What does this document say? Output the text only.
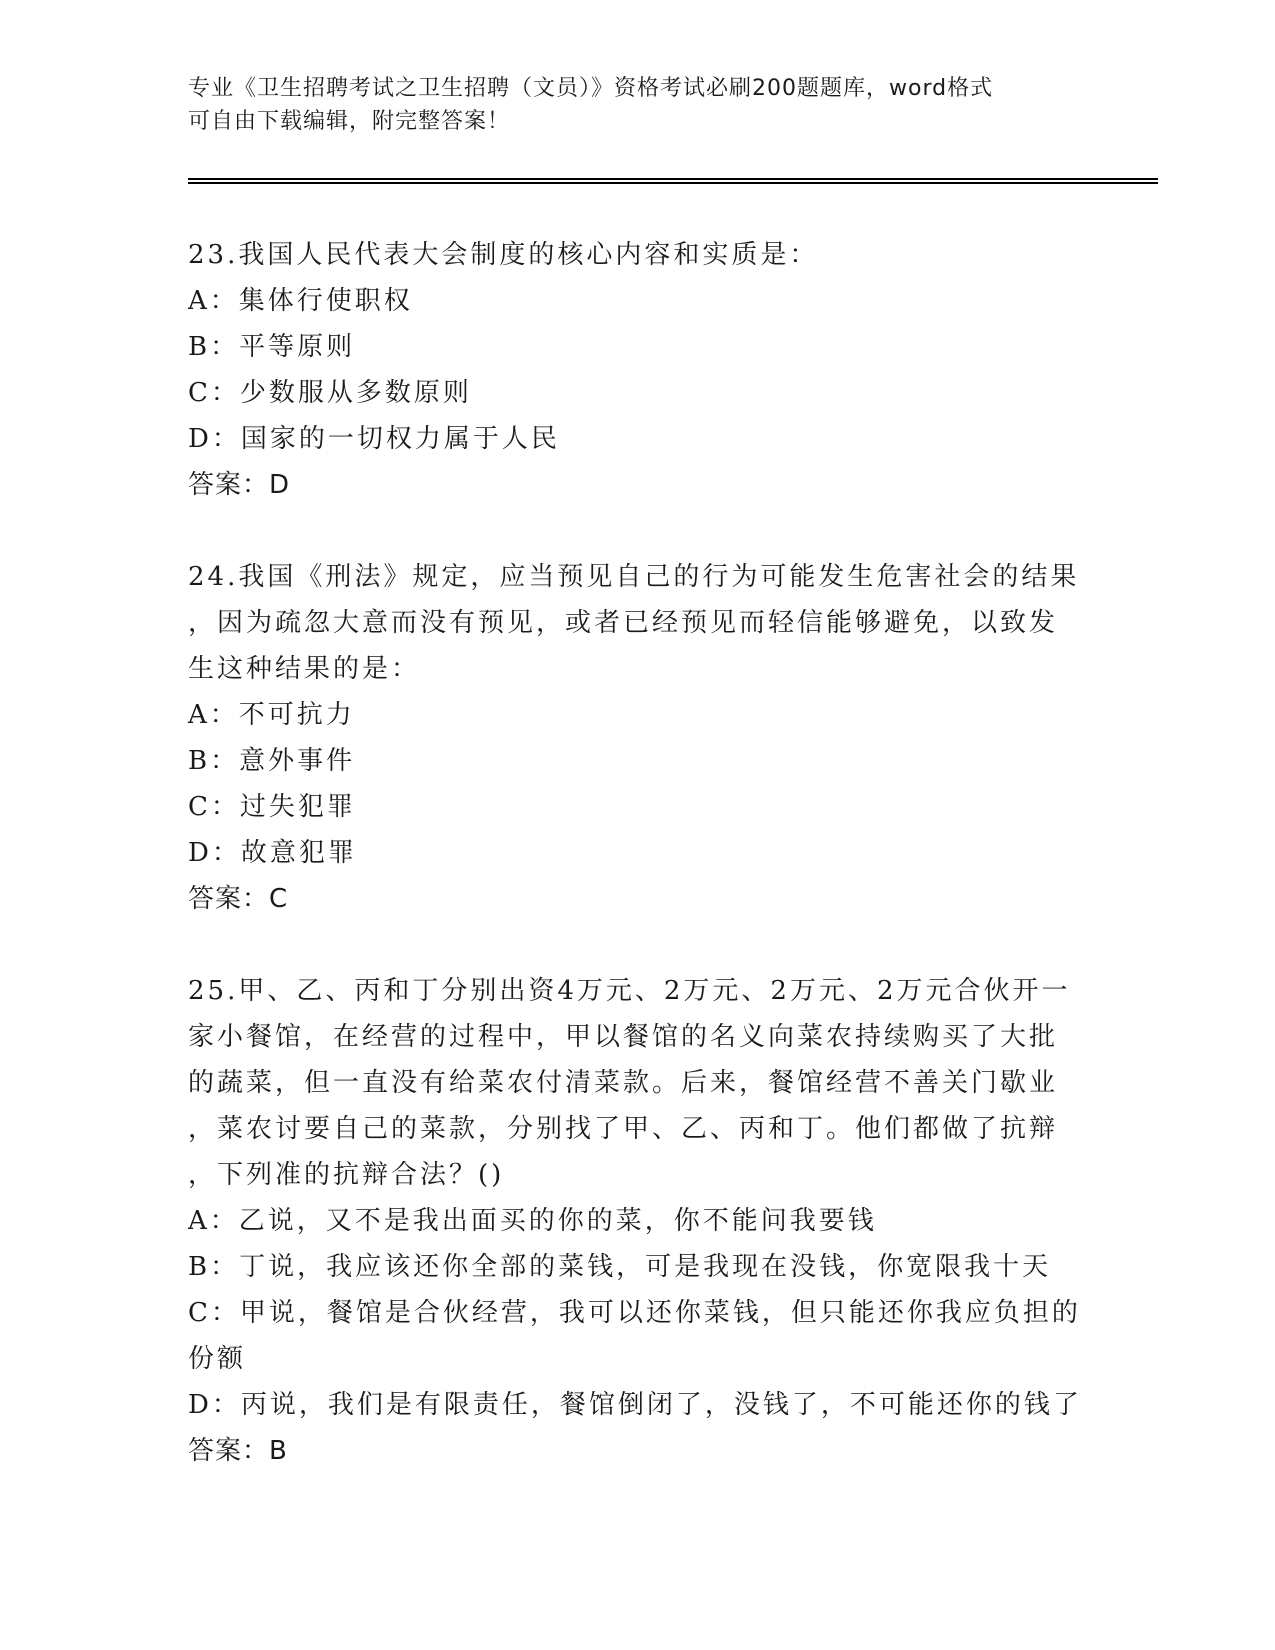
专业《卫生招聘考试之卫生招聘（文员）》资格考试必刷200题题库，word格式
可自由下载编辑，附完整答案！
23.我国人民代表大会制度的核心内容和实质是：
A：集体行使职权
B：平等原则
C：少数服从多数原则
D：国家的一切权力属于人民
答案：D
24.我国《刑法》规定，应当预见自己的行为可能发生危害社会的结果
，因为疏忽大意而没有预见，或者已经预见而轻信能够避免，以致发
生这种结果的是：
A：不可抗力
B：意外事件
C：过失犯罪
D：故意犯罪
答案：C
25.甲、乙、丙和丁分别出资4万元、2万元、2万元、2万元合伙开一
家小餐馆，在经营的过程中，甲以餐馆的名义向菜农持续购买了大批
的蔬菜，但一直没有给菜农付清菜款。后来，餐馆经营不善关门歇业
，菜农讨要自己的菜款，分别找了甲、乙、丙和丁。他们都做了抗辩
，下列准的抗辩合法？()
A：乙说，又不是我出面买的你的菜，你不能问我要钱
B：丁说，我应该还你全部的菜钱，可是我现在没钱，你宽限我十天
C：甲说，餐馆是合伙经营，我可以还你菜钱，但只能还你我应负担的
份额
D：丙说，我们是有限责任，餐馆倒闭了，没钱了，不可能还你的钱了
答案：B
